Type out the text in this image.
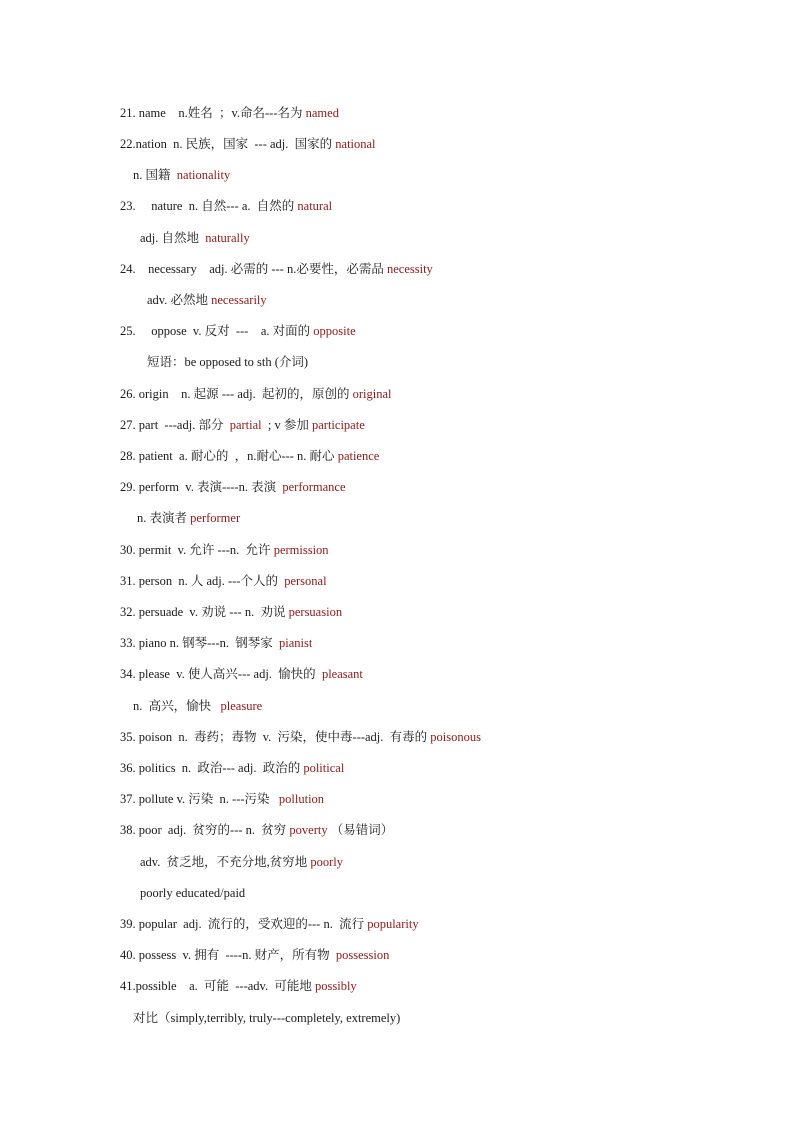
21. name    n.姓名  ；v.命名---名为 named
22.nation  n. 民族，国家  --- adj.  国家的 national
n. 国籍  nationality
23.     nature  n. 自然--- a.  自然的 natural
adj. 自然地  naturally
24.    necessary    adj. 必需的 --- n.必要性，必需品 necessity
adv. 必然地 necessarily
25.     oppose  v. 反对  ---    a. 对面的 opposite
短语：be opposed to sth (介词)
26. origin    n. 起源 --- adj.  起初的，原创的 original
27. part  ---adj. 部分  partial  ; v 参加 participate
28. patient  a. 耐心的  ，n.耐心--- n. 耐心 patience
29. perform  v. 表演----n. 表演  performance
n. 表演者 performer
30. permit  v. 允许 ---n.  允许 permission
31. person  n. 人 adj. ---个人的  personal
32. persuade  v. 劝说 --- n.  劝说 persuasion
33. piano n. 钢琴---n.  钢琴家  pianist
34. please  v. 使人高兴--- adj.  愉快的  pleasant
n.  高兴，愉快   pleasure
35. poison  n.  毒药；毒物  v.  污染，使中毒---adj.  有毒的 poisonous
36. politics  n.  政治--- adj.  政治的 political
37. pollute v. 污染  n. ---污染   pollution
38. poor  adj.  贫穷的--- n.  贫穷 poverty （易错词）
adv.  贫乏地，不充分地,贫穷地 poorly
poorly educated/paid
39. popular  adj.  流行的，受欢迎的--- n.  流行 popularity
40. possess  v. 拥有  ----n. 财产，所有物  possession
41.possible    a.  可能  ---adv.  可能地 possibly
对比（simply,terribly, truly---completely, extremely)
